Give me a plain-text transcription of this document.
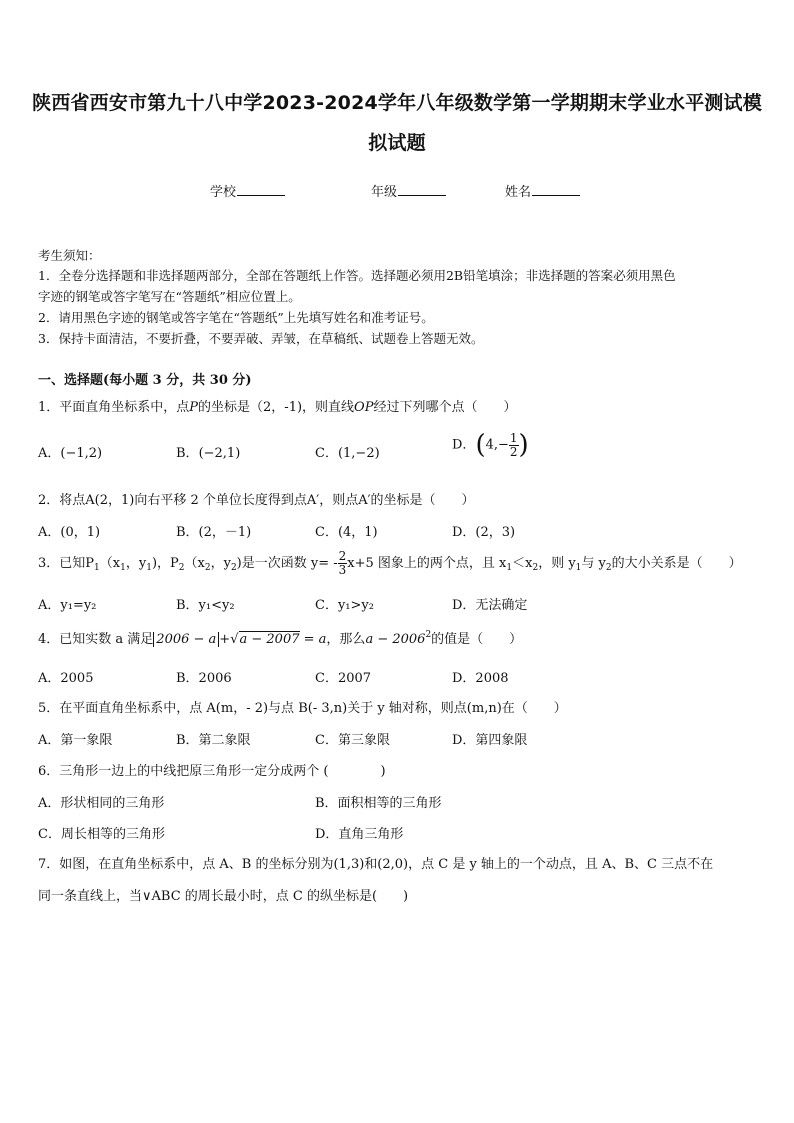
陕西省西安市第九十八中学2023-2024学年八年级数学第一学期期末学业水平测试模
拟试题
学校	年级	姓名
考生须知：
1．全卷分选择题和非选择题两部分，全部在答题纸上作答。选择题必须用2B铅笔填涂；非选择题的答案必须用黑色
字迹的钢笔或答字笔写在“答题纸”相应位置上。
2．请用黑色字迹的钢笔或答字笔在“答题纸”上先填写姓名和准考证号。
3．保持卡面清洁，不要折叠，不要弄破、弄皱，在草稿纸、试题卷上答题无效。
一、选择题(每小题 3 分，共 30 分)
1．平面直角坐标系中，点P的坐标是（2，-1)，则直线OP经过下列哪个点（　　）
A．(−1,2)	B．(−2,1)	C．(1,−2)
D．($4,- \frac{1}{2}$ )
2．将点A(2，1)向右平移 2 个单位长度得到点A′，则点A′的坐标是（　　）
A．(0，1)	B．(2，－1)	C．(4，1)	D．(2，3)
3．已知$P_1(x_1$，$y_1$)，$P_2(x_2$，$y_2$)是一次函数 $y= - \frac{2}{3} x+5$ 图象上的两个点，且 $x_1<x_2$，则 $y_1$与 $y_2$的大小关系是（　　）
A．y₁=y₂	B．y₁<y₂	C．y₁>y₂	D．无法确定
4．已知实数 a 满足 2006 − a +√a − 2007 = a，那么$a - 2006^2$的值是（　　）
A．2005	B．2006	C．2007	D．2008
5．在平面直角坐标系中，点 A(m，- 2)与点 B(- 3,n)关于 y 轴对称，则点(m,n)在（　　）
A．第一象限	B．第二象限	C．第三象限	D．第四象限
6．三角形一边上的中线把原三角形一定分成两个 (　　　　)
A．形状相同的三角形	B．面积相等的三角形
C．周长相等的三角形	D．直角三角形
7．如图，在直角坐标系中，点 A、B 的坐标分别为(1,3)和(2,0)，点 C 是 y 轴上的一个动点，且 A、B、C 三点不在
同一条直线上，当∨ABC 的周长最小时，点 C 的纵坐标是(　　)
